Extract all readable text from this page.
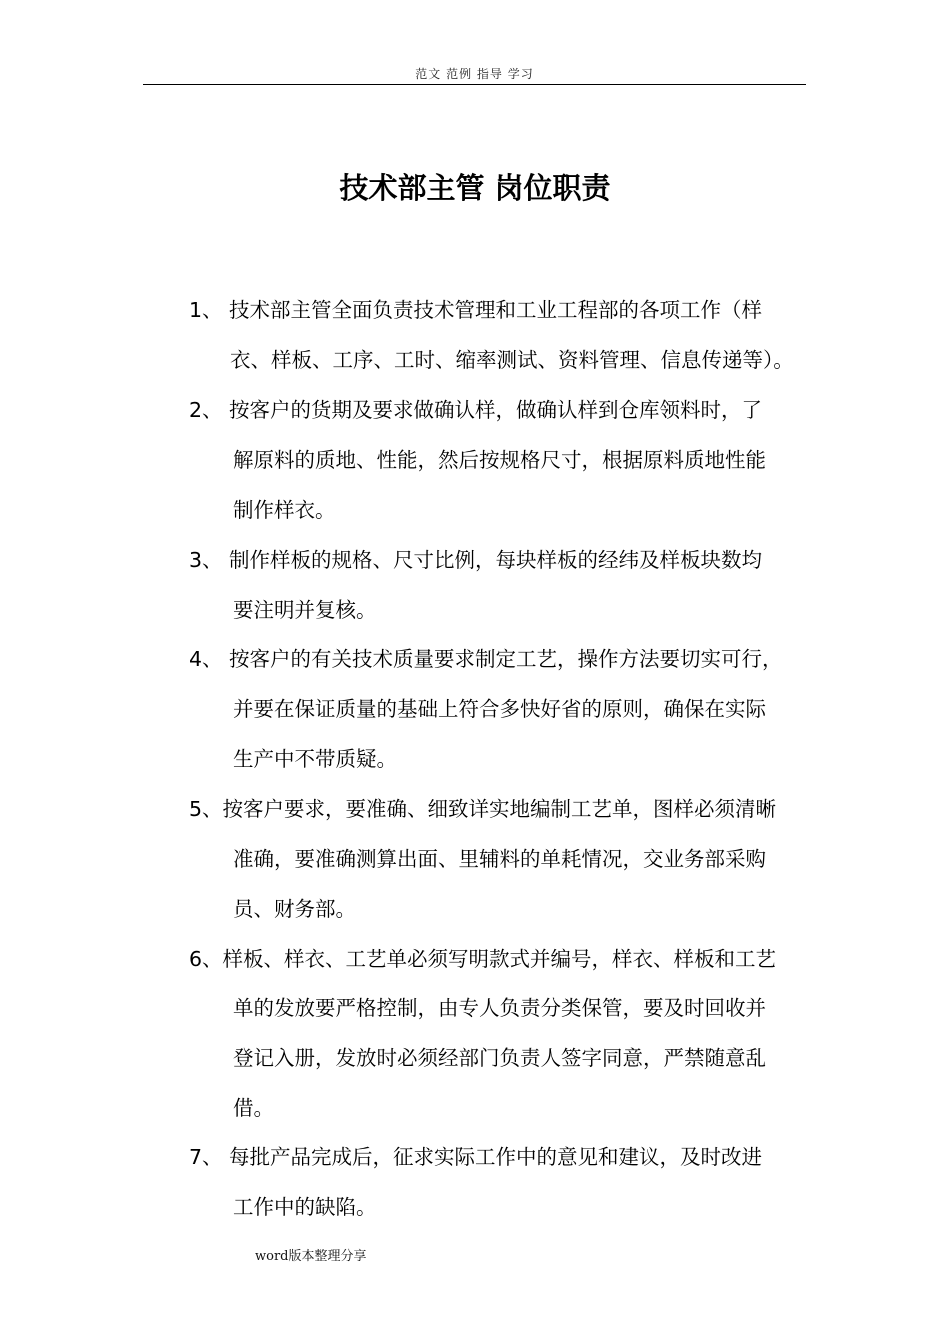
范文 范例 指导 学习
技术部主管 岗位职责
1、 技术部主管全面负责技术管理和工业工程部的各项工作（样
衣、样板、工序、工时、缩率测试、资料管理、信息传递等）。
2、 按客户的货期及要求做确认样，做确认样到仓库领料时，了
解原料的质地、性能，然后按规格尺寸，根据原料质地性能
制作样衣。
3、 制作样板的规格、尺寸比例，每块样板的经纬及样板块数均
要注明并复核。
4、 按客户的有关技术质量要求制定工艺，操作方法要切实可行，
并要在保证质量的基础上符合多快好省的原则，确保在实际
生产中不带质疑。
5、按客户要求，要准确、细致详实地编制工艺单，图样必须清晰
准确，要准确测算出面、里辅料的单耗情况，交业务部采购
员、财务部。
6、样板、样衣、工艺单必须写明款式并编号，样衣、样板和工艺
单的发放要严格控制，由专人负责分类保管，要及时回收并
登记入册，发放时必须经部门负责人签字同意，严禁随意乱
借。
7、 每批产品完成后，征求实际工作中的意见和建议，及时改进
工作中的缺陷。
word版本整理分享
